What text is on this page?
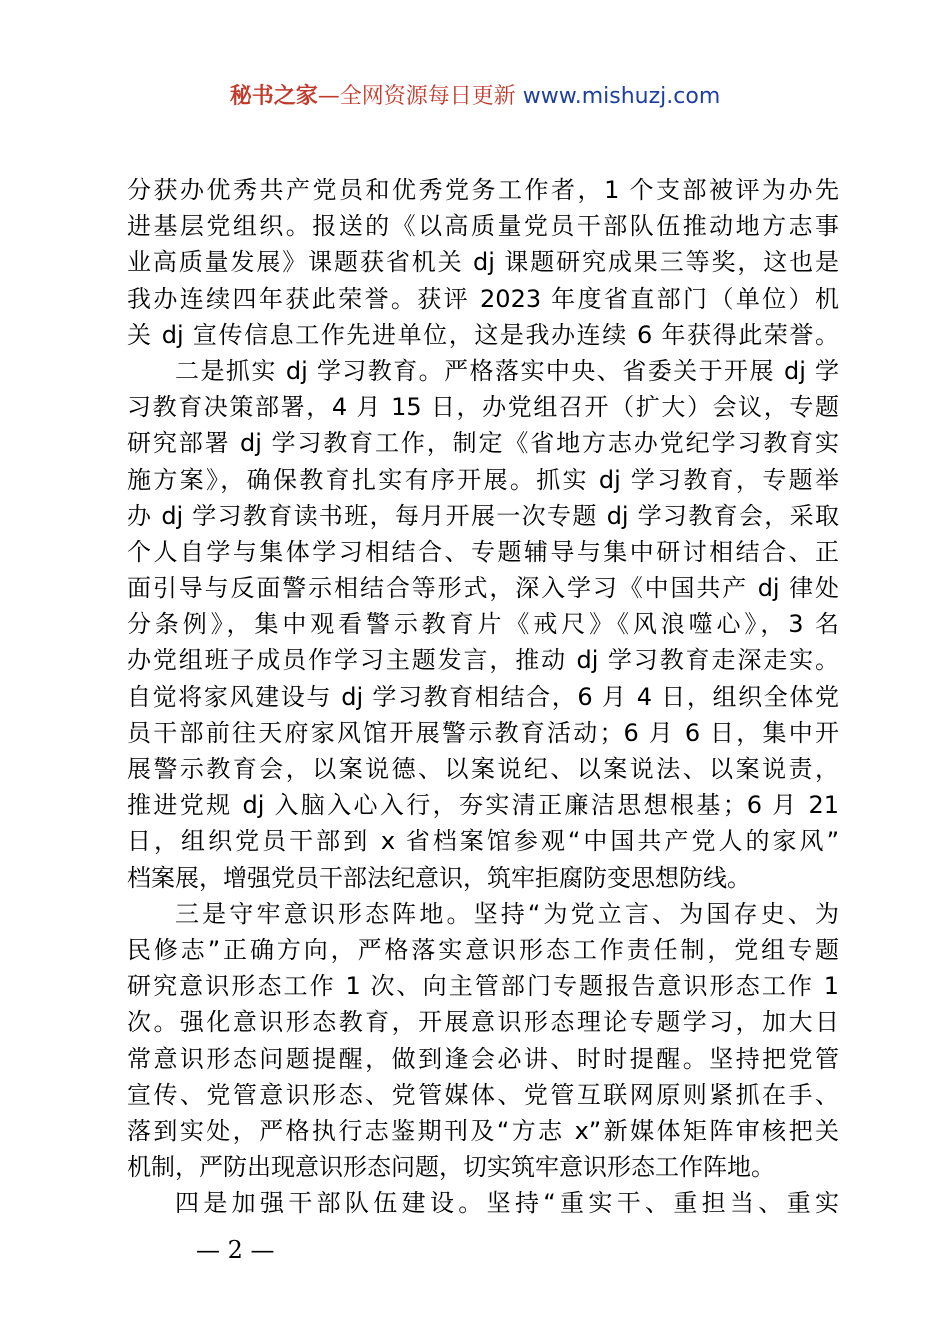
秘书之家—全网资源每日更新 www.mishuzj.com
分获办优秀共产党员和优秀党务工作者，1 个支部被评为办先
进基层党组织。报送的《以高质量党员干部队伍推动地方志事
业高质量发展》课题获省机关 dj 课题研究成果三等奖，这也是
我办连续四年获此荣誉。获评 2023 年度省直部门（单位）机
关 dj 宣传信息工作先进单位，这是我办连续 6 年获得此荣誉。
二是抓实 dj 学习教育。严格落实中央、省委关于开展 dj 学
习教育决策部署，4 月 15 日，办党组召开（扩大）会议，专题
研究部署 dj 学习教育工作，制定《省地方志办党纪学习教育实
施方案》，确保教育扎实有序开展。抓实 dj 学习教育，专题举
办 dj 学习教育读书班，每月开展一次专题 dj 学习教育会，采取
个人自学与集体学习相结合、专题辅导与集中研讨相结合、正
面引导与反面警示相结合等形式，深入学习《中国共产 dj 律处
分条例》，集中观看警示教育片《戒尺》《风浪噬心》，3 名
办党组班子成员作学习主题发言，推动 dj 学习教育走深走实。
自觉将家风建设与 dj 学习教育相结合，6 月 4 日，组织全体党
员干部前往天府家风馆开展警示教育活动；6 月 6 日，集中开
展警示教育会，以案说德、以案说纪、以案说法、以案说责，
推进党规 dj 入脑入心入行，夯实清正廉洁思想根基；6 月 21
日，组织党员干部到 x 省档案馆参观“中国共产党人的家风”
档案展，增强党员干部法纪意识，筑牢拒腐防变思想防线。
三是守牢意识形态阵地。坚持“为党立言、为国存史、为
民修志”正确方向，严格落实意识形态工作责任制，党组专题
研究意识形态工作 1 次、向主管部门专题报告意识形态工作 1
次。强化意识形态教育，开展意识形态理论专题学习，加大日
常意识形态问题提醒，做到逢会必讲、时时提醒。坚持把党管
宣传、党管意识形态、党管媒体、党管互联网原则紧抓在手、
落到实处，严格执行志鉴期刊及“方志 x”新媒体矩阵审核把关
机制，严防出现意识形态问题，切实筑牢意识形态工作阵地。
四是加强干部队伍建设。坚持“重实干、重担当、重实
— 2 —
